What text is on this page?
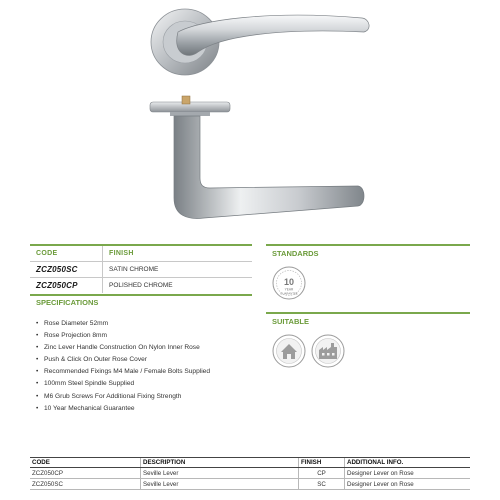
CODE	FINISH
ZCZ050SC	SATIN CHROME
ZCZ050CP	POLISHED CHROME
SPECIFICATIONS
• Rose Diameter 52mm
• Rose Projection 8mm
• Zinc Lever Handle Construction On Nylon Inner Rose
• Push & Click On Outer Rose Cover
• Recommended Fixings M4 Male / Female Bolts Supplied
• 100mm Steel Spindle Supplied
• M6 Grub Screws For Additional Fixing Strength
• 10 Year Mechanical Guarantee
STANDARDS
10
YEAR
GUARANTEE
SUITABLE
CODE	DESCRIPTION	FINISH	ADDITIONAL INFO.
ZCZ050CP	Seville Lever	CP	Designer Lever on Rose
ZCZ050SC	Seville Lever	SC	Designer Lever on Rose
